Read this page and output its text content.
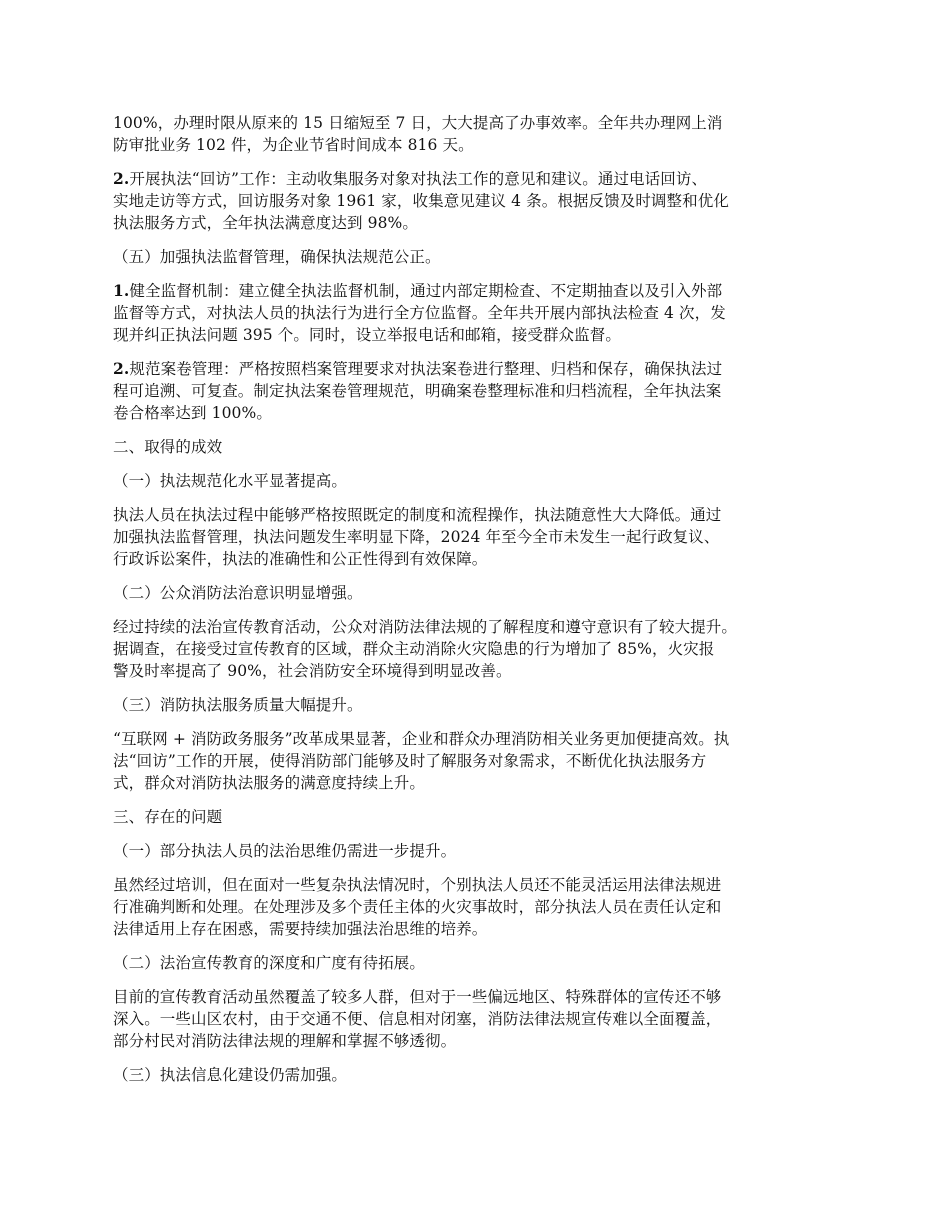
100%，办理时限从原来的 15 日缩短至 7 日，大大提高了办事效率。全年共办理网上消
防审批业务 102 件，为企业节省时间成本 816 天。

2.开展执法“回访”工作：主动收集服务对象对执法工作的意见和建议。通过电话回访、
实地走访等方式，回访服务对象 1961 家，收集意见建议 4 条。根据反馈及时调整和优化
执法服务方式，全年执法满意度达到 98%。

（五）加强执法监督管理，确保执法规范公正。

1.健全监督机制：建立健全执法监督机制，通过内部定期检查、不定期抽查以及引入外部
监督等方式，对执法人员的执法行为进行全方位监督。全年共开展内部执法检查 4 次，发
现并纠正执法问题 395 个。同时，设立举报电话和邮箱，接受群众监督。

2.规范案卷管理：严格按照档案管理要求对执法案卷进行整理、归档和保存，确保执法过
程可追溯、可复查。制定执法案卷管理规范，明确案卷整理标准和归档流程，全年执法案
卷合格率达到 100%。

二、取得的成效

（一）执法规范化水平显著提高。

执法人员在执法过程中能够严格按照既定的制度和流程操作，执法随意性大大降低。通过
加强执法监督管理，执法问题发生率明显下降，2024 年至今全市未发生一起行政复议、
行政诉讼案件，执法的准确性和公正性得到有效保障。

（二）公众消防法治意识明显增强。

经过持续的法治宣传教育活动，公众对消防法律法规的了解程度和遵守意识有了较大提升。
据调查，在接受过宣传教育的区域，群众主动消除火灾隐患的行为增加了 85%，火灾报
警及时率提高了 90%，社会消防安全环境得到明显改善。

（三）消防执法服务质量大幅提升。

“互联网 + 消防政务服务”改革成果显著，企业和群众办理消防相关业务更加便捷高效。执
法“回访”工作的开展，使得消防部门能够及时了解服务对象需求，不断优化执法服务方
式，群众对消防执法服务的满意度持续上升。

三、存在的问题

（一）部分执法人员的法治思维仍需进一步提升。

虽然经过培训，但在面对一些复杂执法情况时，个别执法人员还不能灵活运用法律法规进
行准确判断和处理。在处理涉及多个责任主体的火灾事故时，部分执法人员在责任认定和
法律适用上存在困惑，需要持续加强法治思维的培养。

（二）法治宣传教育的深度和广度有待拓展。

目前的宣传教育活动虽然覆盖了较多人群，但对于一些偏远地区、特殊群体的宣传还不够
深入。一些山区农村，由于交通不便、信息相对闭塞，消防法律法规宣传难以全面覆盖，
部分村民对消防法律法规的理解和掌握不够透彻。

（三）执法信息化建设仍需加强。
